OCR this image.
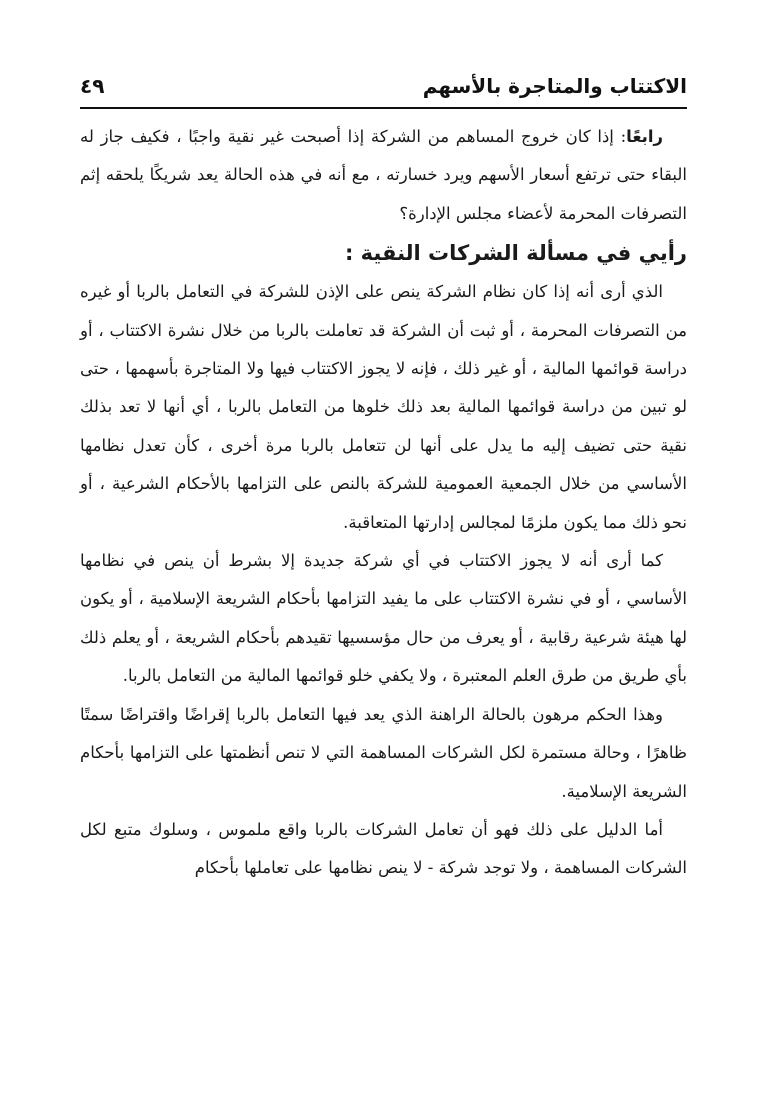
الاكتتاب والمتاجرة بالأسهم
٤٩

رابعًا: إذا كان خروج المساهم من الشركة إذا أصبحت غير نقية واجبًا ، فكيف جاز له البقاء حتى ترتفع أسعار الأسهم ويرد خسارته ، مع أنه في هذه الحالة يعد شريكًا يلحقه إثم التصرفات المحرمة لأعضاء مجلس الإدارة؟

رأيي في مسألة الشركات النقية :

الذي أرى أنه إذا كان نظام الشركة ينص على الإذن للشركة في التعامل بالربا أو غيره من التصرفات المحرمة ، أو ثبت أن الشركة قد تعاملت بالربا من خلال نشرة الاكتتاب ، أو دراسة قوائمها المالية ، أو غير ذلك ، فإنه لا يجوز الاكتتاب فيها ولا المتاجرة بأسهمها ، حتى لو تبين من دراسة قوائمها المالية بعد ذلك خلوها من التعامل بالربا ، أي أنها لا تعد بذلك نقية حتى تضيف إليه ما يدل على أنها لن تتعامل بالربا مرة أخرى ، كأن تعدل نظامها الأساسي من خلال الجمعية العمومية للشركة بالنص على التزامها بالأحكام الشرعية ، أو نحو ذلك مما يكون ملزمًا لمجالس إدارتها المتعاقبة.

كما أرى أنه لا يجوز الاكتتاب في أي شركة جديدة إلا بشرط أن ينص في نظامها الأساسي ، أو في نشرة الاكتتاب على ما يفيد التزامها بأحكام الشريعة الإسلامية ، أو يكون لها هيئة شرعية رقابية ، أو يعرف من حال مؤسسيها تقيدهم بأحكام الشريعة ، أو يعلم ذلك بأي طريق من طرق العلم المعتبرة ، ولا يكفي خلو قوائمها المالية من التعامل بالربا.

وهذا الحكم مرهون بالحالة الراهنة الذي يعد فيها التعامل بالربا إقراضًا واقتراضًا سمتًا ظاهرًا ، وحالة مستمرة لكل الشركات المساهمة التي لا تنص أنظمتها على التزامها بأحكام الشريعة الإسلامية.

أما الدليل على ذلك فهو أن تعامل الشركات بالربا واقع ملموس ، وسلوك متبع لكل الشركات المساهمة ، ولا توجد شركة - لا ينص نظامها على تعاملها بأحكام
